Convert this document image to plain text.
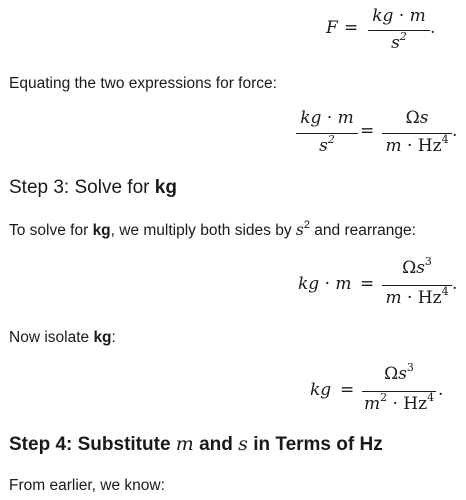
F =
kg · m
$s^2$	.

Equating the two expressions for force:

kg · m
$s^2$	=
Ωs
$m \cdot Hz^4$ .
Step 3: Solve for kg

To solve for kg, we multiply both sides by $s^2$ and rearrange:

kg · m =
$\Omega s^3$
$m \cdot Hz^4$ .

Now isolate kg:

kg =
$\Omega s^3$
$m^2 \cdot Hz^4$ .
Step 4: Substitute m and s in Terms of Hz

From earlier, we know:
